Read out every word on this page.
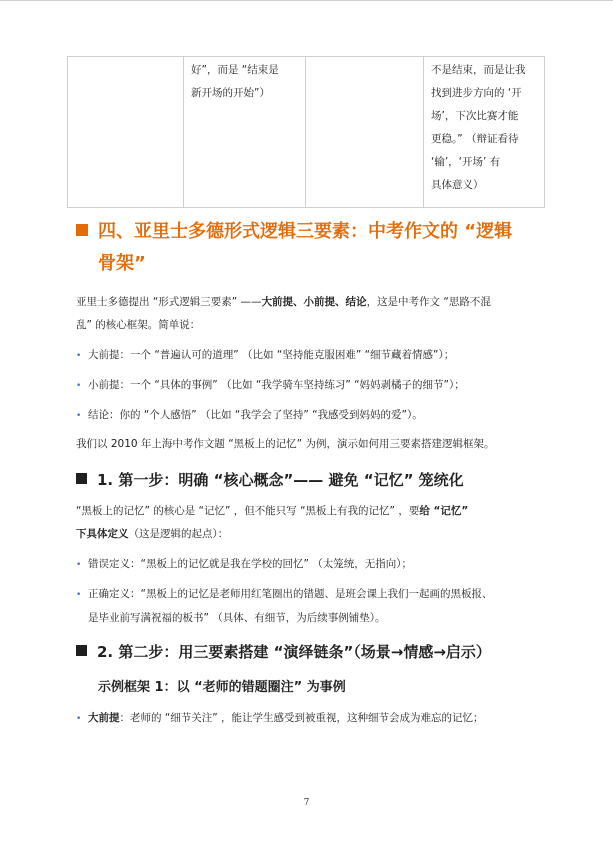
好”，而是 “结束是
新开场的开始”）
不是结束，而是让我
找到进步方向的 ‘开
场’，下次比赛才能
更稳。” （辩证看待
‘输’，‘开场’ 有
具体意义）
四、亚里士多德形式逻辑三要素：中考作文的 “逻辑
骨架”
亚里士多德提出 “形式逻辑三要素” ——大前提、小前提、结论，这是中考作文 “思路不混
乱” 的核心框架。简单说：
• 大前提：一个 “普遍认可的道理” （比如 “坚持能克服困难” “细节藏着情感”）；
• 小前提：一个 “具体的事例” （比如 “我学骑车坚持练习” “妈妈剥橘子的细节”）；
• 结论：你的 “个人感悟” （比如 “我学会了坚持” “我感受到妈妈的爱”）。
我们以 2010 年上海中考作文题 “黑板上的记忆” 为例，演示如何用三要素搭建逻辑框架。
1. 第一步：明确 “核心概念”—— 避免 “记忆” 笼统化
“黑板上的记忆” 的核心是 “记忆” ，但不能只写 “黑板上有我的记忆” ，要给 “记忆”
下具体定义（这是逻辑的起点）：
• 错误定义：“黑板上的记忆就是我在学校的回忆” （太笼统，无指向）；
• 正确定义：“黑板上的记忆是老师用红笔圈出的错题、是班会课上我们一起画的黑板报、
是毕业前写满祝福的板书” （具体、有细节，为后续事例铺垫）。
2. 第二步：用三要素搭建 “演绎链条”（场景→情感→启示）
示例框架 1：以 “老师的错题圈注” 为事例
• 大前提：老师的 “细节关注” ，能让学生感受到被重视，这种细节会成为难忘的记忆；
7
